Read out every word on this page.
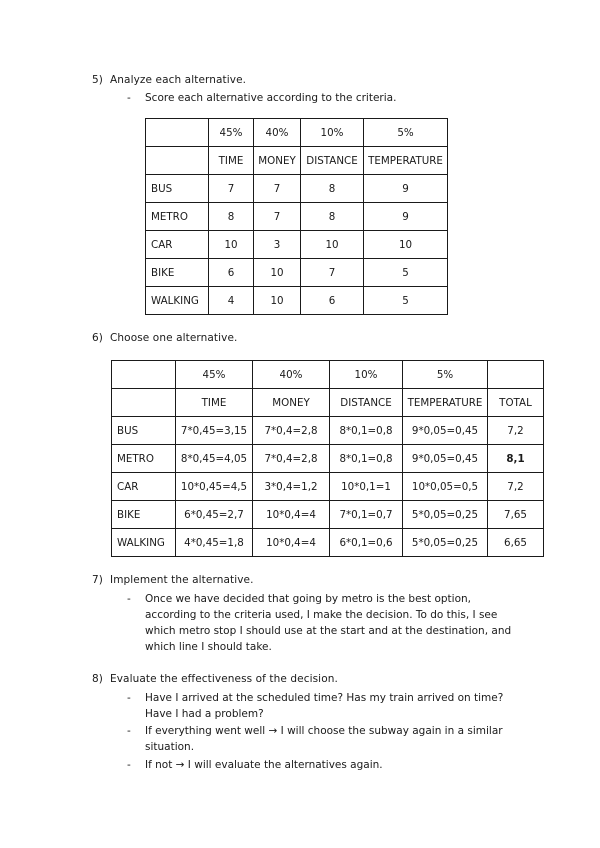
5) Analyze each alternative.
- Score each alternative according to the criteria.
	45%	40%	10%	5%
	TIME	MONEY	DISTANCE	TEMPERATURE
BUS	7	7	8	9
METRO	8	7	8	9
CAR	10	3	10	10
BIKE	6	10	7	5
WALKING	4	10	6	5
6) Choose one alternative.
	45%	40%	10%	5%	
	TIME	MONEY	DISTANCE	TEMPERATURE	TOTAL
BUS	7*0,45=3,15	7*0,4=2,8	8*0,1=0,8	9*0,05=0,45	7,2
METRO	8*0,45=4,05	7*0,4=2,8	8*0,1=0,8	9*0,05=0,45	8,1
CAR	10*0,45=4,5	3*0,4=1,2	10*0,1=1	10*0,05=0,5	7,2
BIKE	6*0,45=2,7	10*0,4=4	7*0,1=0,7	5*0,05=0,25	7,65
WALKING	4*0,45=1,8	10*0,4=4	6*0,1=0,6	5*0,05=0,25	6,65
7) Implement the alternative.
- Once we have decided that going by metro is the best option,
according to the criteria used, I make the decision. To do this, I see
which metro stop I should use at the start and at the destination, and
which line I should take.
8) Evaluate the effectiveness of the decision.
- Have I arrived at the scheduled time? Has my train arrived on time?
Have I had a problem?
- If everything went well → I will choose the subway again in a similar
situation.
- If not → I will evaluate the alternatives again.
